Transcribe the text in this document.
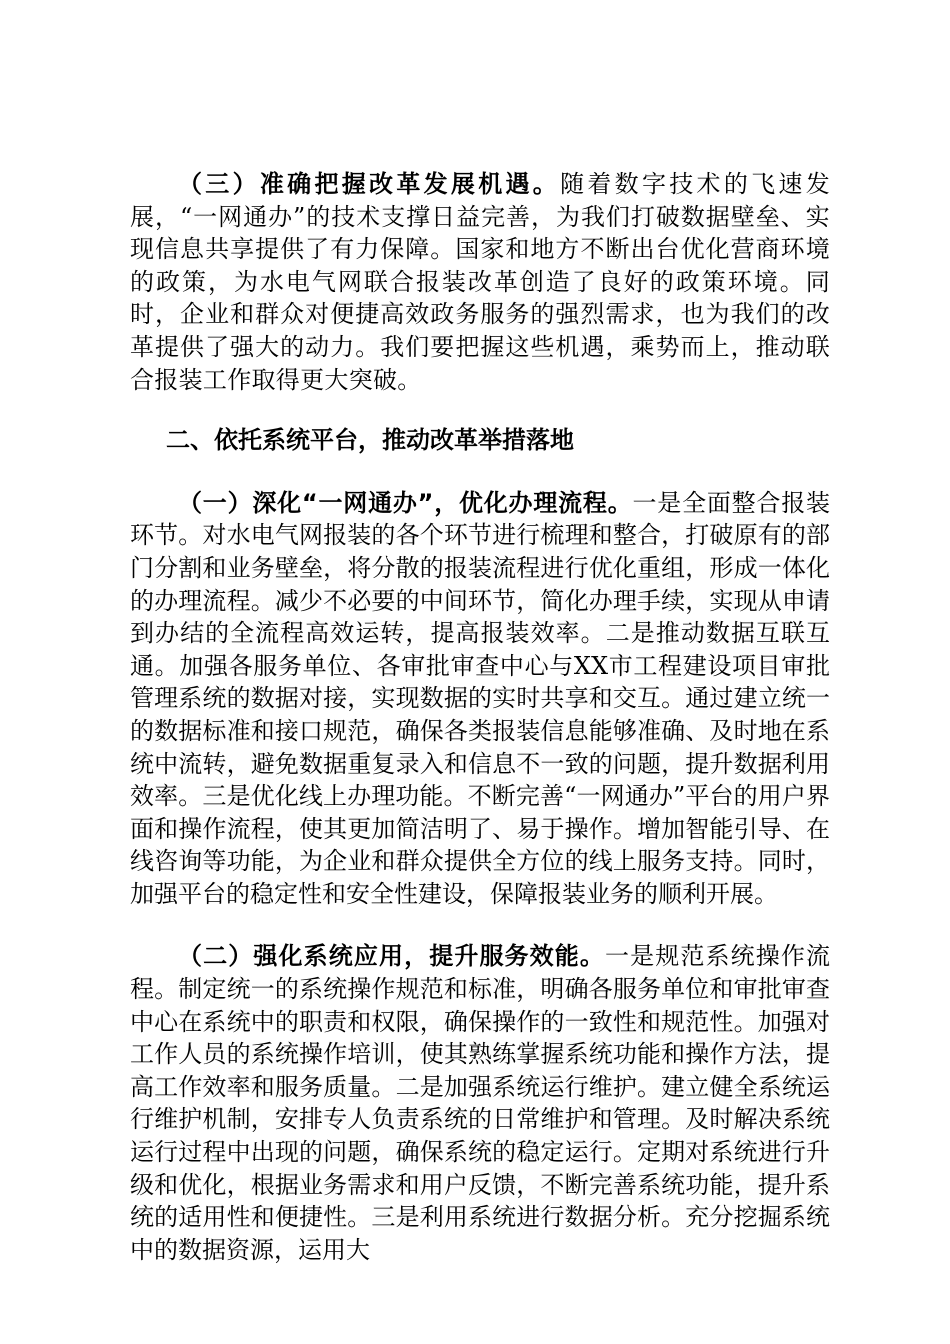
（三）准确把握改革发展机遇。随着数字技术的飞速发展，“一网通办”的技术支撑日益完善，为我们打破数据壁垒、实现信息共享提供了有力保障。国家和地方不断出台优化营商环境的政策，为水电气网联合报装改革创造了良好的政策环境。同时，企业和群众对便捷高效政务服务的强烈需求，也为我们的改革提供了强大的动力。我们要把握这些机遇，乘势而上，推动联合报装工作取得更大突破。

二、依托系统平台，推动改革举措落地

（一）深化“一网通办”，优化办理流程。一是全面整合报装环节。对水电气网报装的各个环节进行梳理和整合，打破原有的部门分割和业务壁垒，将分散的报装流程进行优化重组，形成一体化的办理流程。减少不必要的中间环节，简化办理手续，实现从申请到办结的全流程高效运转，提高报装效率。二是推动数据互联互通。加强各服务单位、各审批审查中心与XX市工程建设项目审批管理系统的数据对接，实现数据的实时共享和交互。通过建立统一的数据标准和接口规范，确保各类报装信息能够准确、及时地在系统中流转，避免数据重复录入和信息不一致的问题，提升数据利用效率。三是优化线上办理功能。不断完善“一网通办”平台的用户界面和操作流程，使其更加简洁明了、易于操作。增加智能引导、在线咨询等功能，为企业和群众提供全方位的线上服务支持。同时，加强平台的稳定性和安全性建设，保障报装业务的顺利开展。

（二）强化系统应用，提升服务效能。一是规范系统操作流程。制定统一的系统操作规范和标准，明确各服务单位和审批审查中心在系统中的职责和权限，确保操作的一致性和规范性。加强对工作人员的系统操作培训，使其熟练掌握系统功能和操作方法，提高工作效率和服务质量。二是加强系统运行维护。建立健全系统运行维护机制，安排专人负责系统的日常维护和管理。及时解决系统运行过程中出现的问题，确保系统的稳定运行。定期对系统进行升级和优化，根据业务需求和用户反馈，不断完善系统功能，提升系统的适用性和便捷性。三是利用系统进行数据分析。充分挖掘系统中的数据资源，运用大
